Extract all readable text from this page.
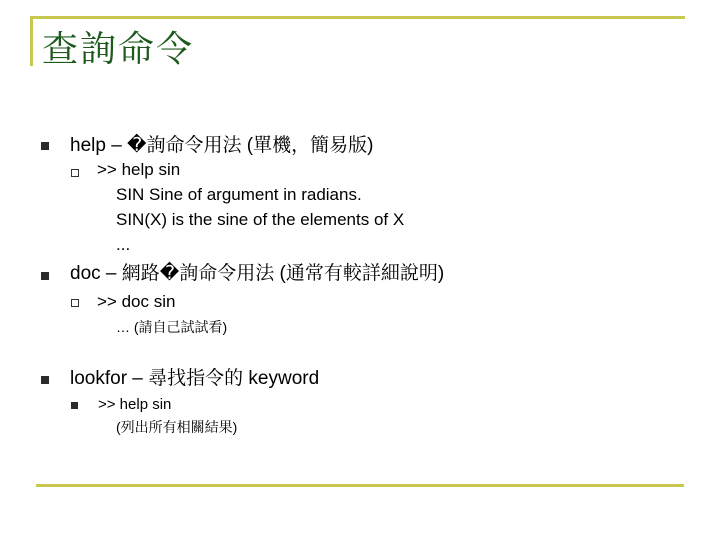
查詢命令
help – �詢命令用法 (單機，簡易版)
>> help sin
SIN Sine of argument in radians.
SIN(X) is the sine of the elements of X
...
doc – 網路�詢命令用法 (通常有較詳細說明)
>> doc sin
… (請自己試試看)
lookfor – 尋找指令的 keyword
>> help sin
(列出所有相關結果)
